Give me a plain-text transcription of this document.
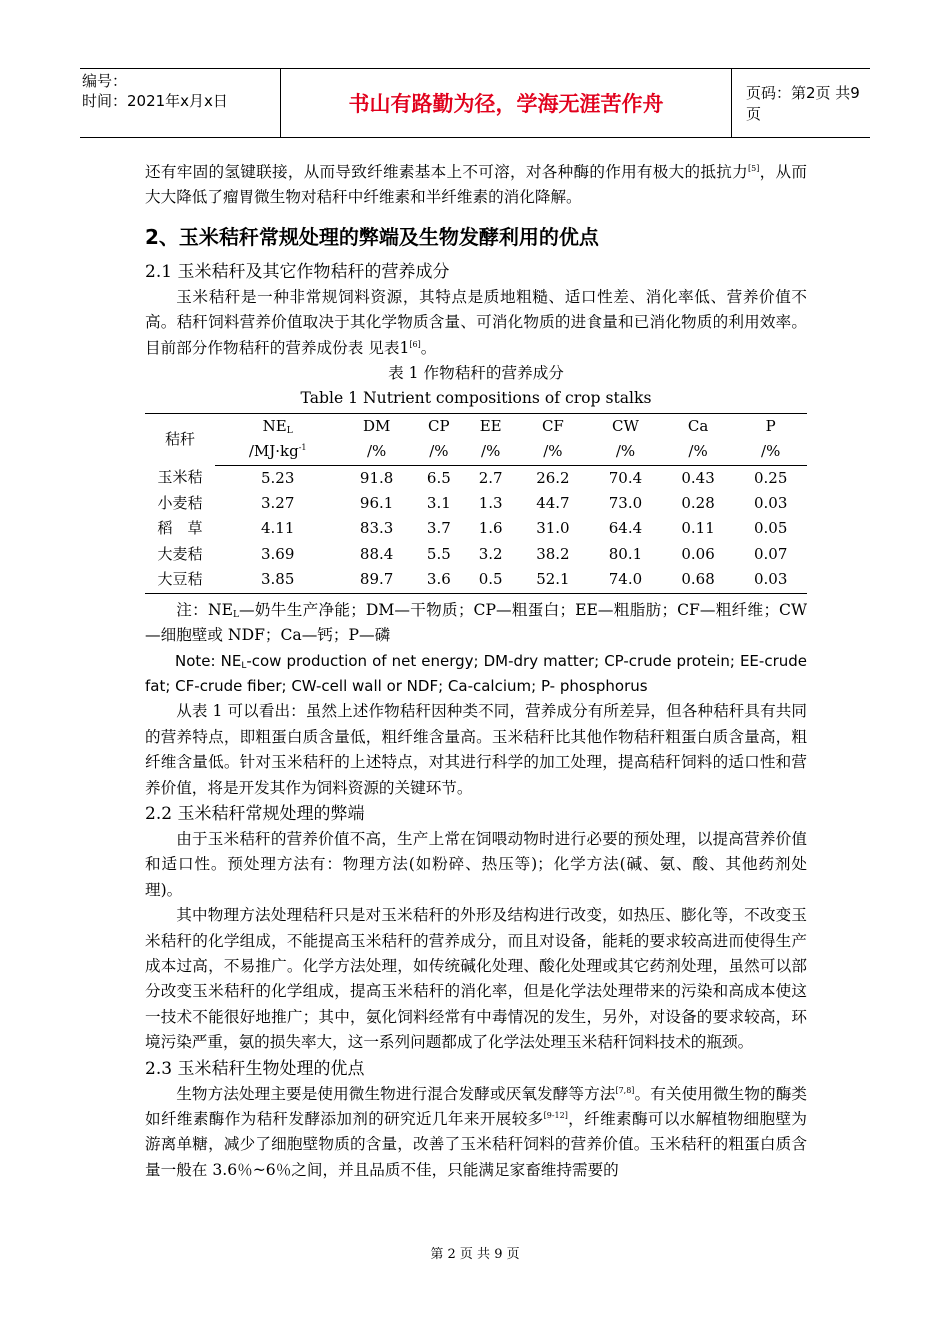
编号：
时间：2021年x月x日	书山有路勤为径，学海无涯苦作舟	页码：第2页 共9页

还有牢固的氢键联接，从而导致纤维素基本上不可溶，对各种酶的作用有极大的抵抗力[5]，从而大大降低了瘤胃微生物对秸秆中纤维素和半纤维素的消化降解。

2、玉米秸秆常规处理的弊端及生物发酵利用的优点

2.1 玉米秸秆及其它作物秸秆的营养成分

玉米秸秆是一种非常规饲料资源，其特点是质地粗糙、适口性差、消化率低、营养价值不高。秸秆饲料营养价值取决于其化学物质含量、可消化物质的进食量和已消化物质的利用效率。目前部分作物秸秆的营养成份表 见表1[6]。

表 1 作物秸秆的营养成分

Table 1 Nutrient compositions of crop stalks

秸秆	$NE_L$	DM	CP	EE	CF	CW	Ca	P
	$/MJ\cdot kg^{-1}$	/%	/%	/%	/%	/%	/%	/%
玉米秸	5.23	91.8	6.5	2.7	26.2	70.4	0.43	0.25
小麦秸	3.27	96.1	3.1	1.3	44.7	73.0	0.28	0.03
稻　草	4.11	83.3	3.7	1.6	31.0	64.4	0.11	0.05
大麦秸	3.69	88.4	5.5	3.2	38.2	80.1	0.06	0.07
大豆秸	3.85	89.7	3.6	0.5	52.1	74.0	0.68	0.03

注：$NE_L—$奶牛生产净能；DM—干物质；CP—粗蛋白；EE—粗脂肪；CF—粗纤维；CW—细胞壁或 NDF；Ca—钙；P—磷

Note: $NE_L$-cow production of net energy; DM-dry matter; CP-crude protein; EE-crude fat; CF-crude fiber; CW-cell wall or NDF; Ca-calcium; P- phosphorus

从表 1 可以看出：虽然上述作物秸秆因种类不同，营养成分有所差异，但各种秸秆具有共同的营养特点，即粗蛋白质含量低，粗纤维含量高。玉米秸秆比其他作物秸秆粗蛋白质含量高，粗纤维含量低。针对玉米秸秆的上述特点，对其进行科学的加工处理，提高秸秆饲料的适口性和营养价值，将是开发其作为饲料资源的关键环节。

2.2 玉米秸秆常规处理的弊端

由于玉米秸秆的营养价值不高，生产上常在饲喂动物时进行必要的预处理，以提高营养价值和适口性。预处理方法有：物理方法(如粉碎、热压等)；化学方法(碱、氨、酸、其他药剂处理)。

其中物理方法处理秸秆只是对玉米秸秆的外形及结构进行改变，如热压、膨化等，不改变玉米秸秆的化学组成，不能提高玉米秸秆的营养成分，而且对设备，能耗的要求较高进而使得生产成本过高，不易推广。化学方法处理，如传统碱化处理、酸化处理或其它药剂处理，虽然可以部分改变玉米秸秆的化学组成，提高玉米秸秆的消化率，但是化学法处理带来的污染和高成本使这一技术不能很好地推广；其中，氨化饲料经常有中毒情况的发生，另外，对设备的要求较高，环境污染严重，氨的损失率大，这一系列问题都成了化学法处理玉米秸秆饲料技术的瓶颈。

2.3 玉米秸秆生物处理的优点

生物方法处理主要是使用微生物进行混合发酵或厌氧发酵等方法[7,8]。有关使用微生物的酶类如纤维素酶作为秸秆发酵添加剂的研究近几年来开展较多[9-12]，纤维素酶可以水解植物细胞壁为游离单糖，减少了细胞壁物质的含量，改善了玉米秸秆饲料的营养价值。玉米秸秆的粗蛋白质含量一般在 3.6％~6％之间，并且品质不佳，只能满足家畜维持需要的

第 2 页 共 9 页
